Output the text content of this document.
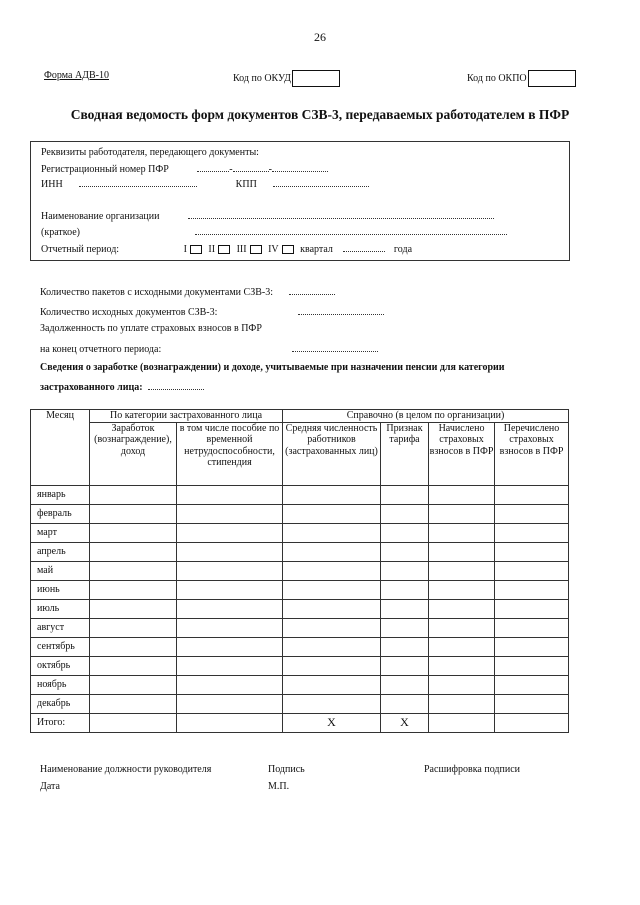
26
Форма АДВ-10	Код по ОКУД	Код по ОКПО
Сводная ведомость форм документов СЗВ-3, передаваемых работодателем в ПФР
Реквизиты работодателя, передающего документы:
Регистрационный номер ПФР	-	-
ИНН	КПП
Наименование организации
(краткое)
Отчетный период:	I II III IV квартал	года
Количество пакетов с исходными документами СЗВ-3:
Количество исходных документов СЗВ-3:
Задолженность по уплате страховых взносов в ПФР
на конец отчетного периода:
Сведения о заработке (вознаграждении) и доходе, учитываемые при назначении пенсии для категории
застрахованного лица:
Месяц	По категории застрахованного лица		Справочно (в целом по организации)			
	Заработок (вознаграждение), доход	в том числе пособие по временной нетрудоспособности, стипендия	Средняя численность работников (застрахованных лиц)	Признак тарифа	Начислено страховых взносов в ПФР	Перечислено страховых взносов в ПФР
январь						
февраль						
март						
апрель						
май						
июнь						
июль						
август						
сентябрь						
октябрь						
ноябрь						
декабрь						
Итого:			X	X		
Наименование должности руководителя	Подпись	Расшифровка подписи
Дата	М.П.
